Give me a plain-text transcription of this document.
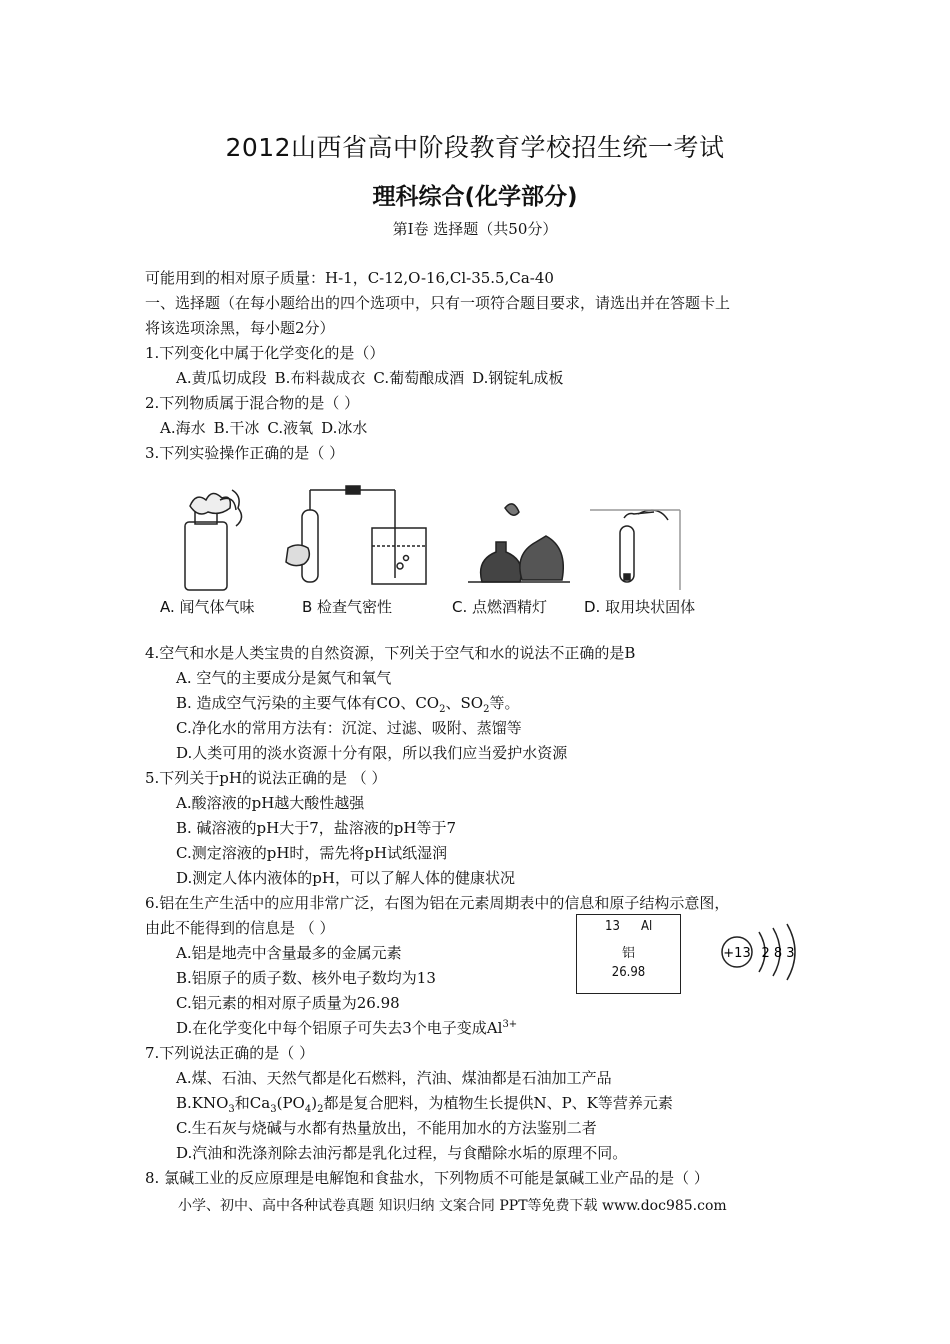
2012山西省高中阶段教育学校招生统一考试
理科综合(化学部分)
第Ⅰ卷 选择题（共50分）
可能用到的相对原子质量：H-1，C-12,O-16,Cl-35.5,Ca-40
一、选择题（在每小题给出的四个选项中，只有一项符合题目要求，请选出并在答题卡上
将该选项涂黑，每小题2分）
1.下列变化中属于化学变化的是（）
A.黄瓜切成段 B.布料裁成衣 C.葡萄酿成酒 D.钢锭轧成板
2.下列物质属于混合物的是（ ）
A.海水 B.干冰 C.液氧 D.冰水
3.下列实验操作正确的是（ ）
A. 闻气体气味	B 检查气密性	C. 点燃酒精灯 D. 取用块状固体
4.空气和水是人类宝贵的自然资源，下列关于空气和水的说法不正确的是B
A. 空气的主要成分是氮气和氧气
B. 造成空气污染的主要气体有CO、$CO_2$、$SO_2$等。
C.净化水的常用方法有：沉淀、过滤、吸附、蒸馏等
D.人类可用的淡水资源十分有限，所以我们应当爱护水资源
5.下列关于pH的说法正确的是 （ ）
A.酸溶液的pH越大酸性越强
B. 碱溶液的pH大于7，盐溶液的pH等于7
C.测定溶液的pH时，需先将pH试纸湿润
D.测定人体内液体的pH，可以了解人体的健康状况
6.铝在生产生活中的应用非常广泛，右图为铝在元素周期表中的信息和原子结构示意图，
由此不能得到的信息是 （ ）
A.铝是地壳中含量最多的金属元素
B.铝原子的质子数、核外电子数均为13
C.铝元素的相对原子质量为26.98
D.在化学变化中每个铝原子可失去3个电子变成$Al^{3+}$
13 Al
铝
26.98
+13 2 8 3
7.下列说法正确的是（ ）
A.煤、石油、天然气都是化石燃料，汽油、煤油都是石油加工产品
$B.KNO_3$和$Ca_3(PO_4)_2$都是复合肥料，为植物生长提供N、P、K等营养元素
C.生石灰与烧碱与水都有热量放出，不能用加水的方法鉴别二者
D.汽油和洗涤剂除去油污都是乳化过程，与食醋除水垢的原理不同。
8. 氯碱工业的反应原理是电解饱和食盐水，下列物质不可能是氯碱工业产品的是（ ）
小学、初中、高中各种试卷真题 知识归纳 文案合同 PPT等免费下载 www.doc985.com
